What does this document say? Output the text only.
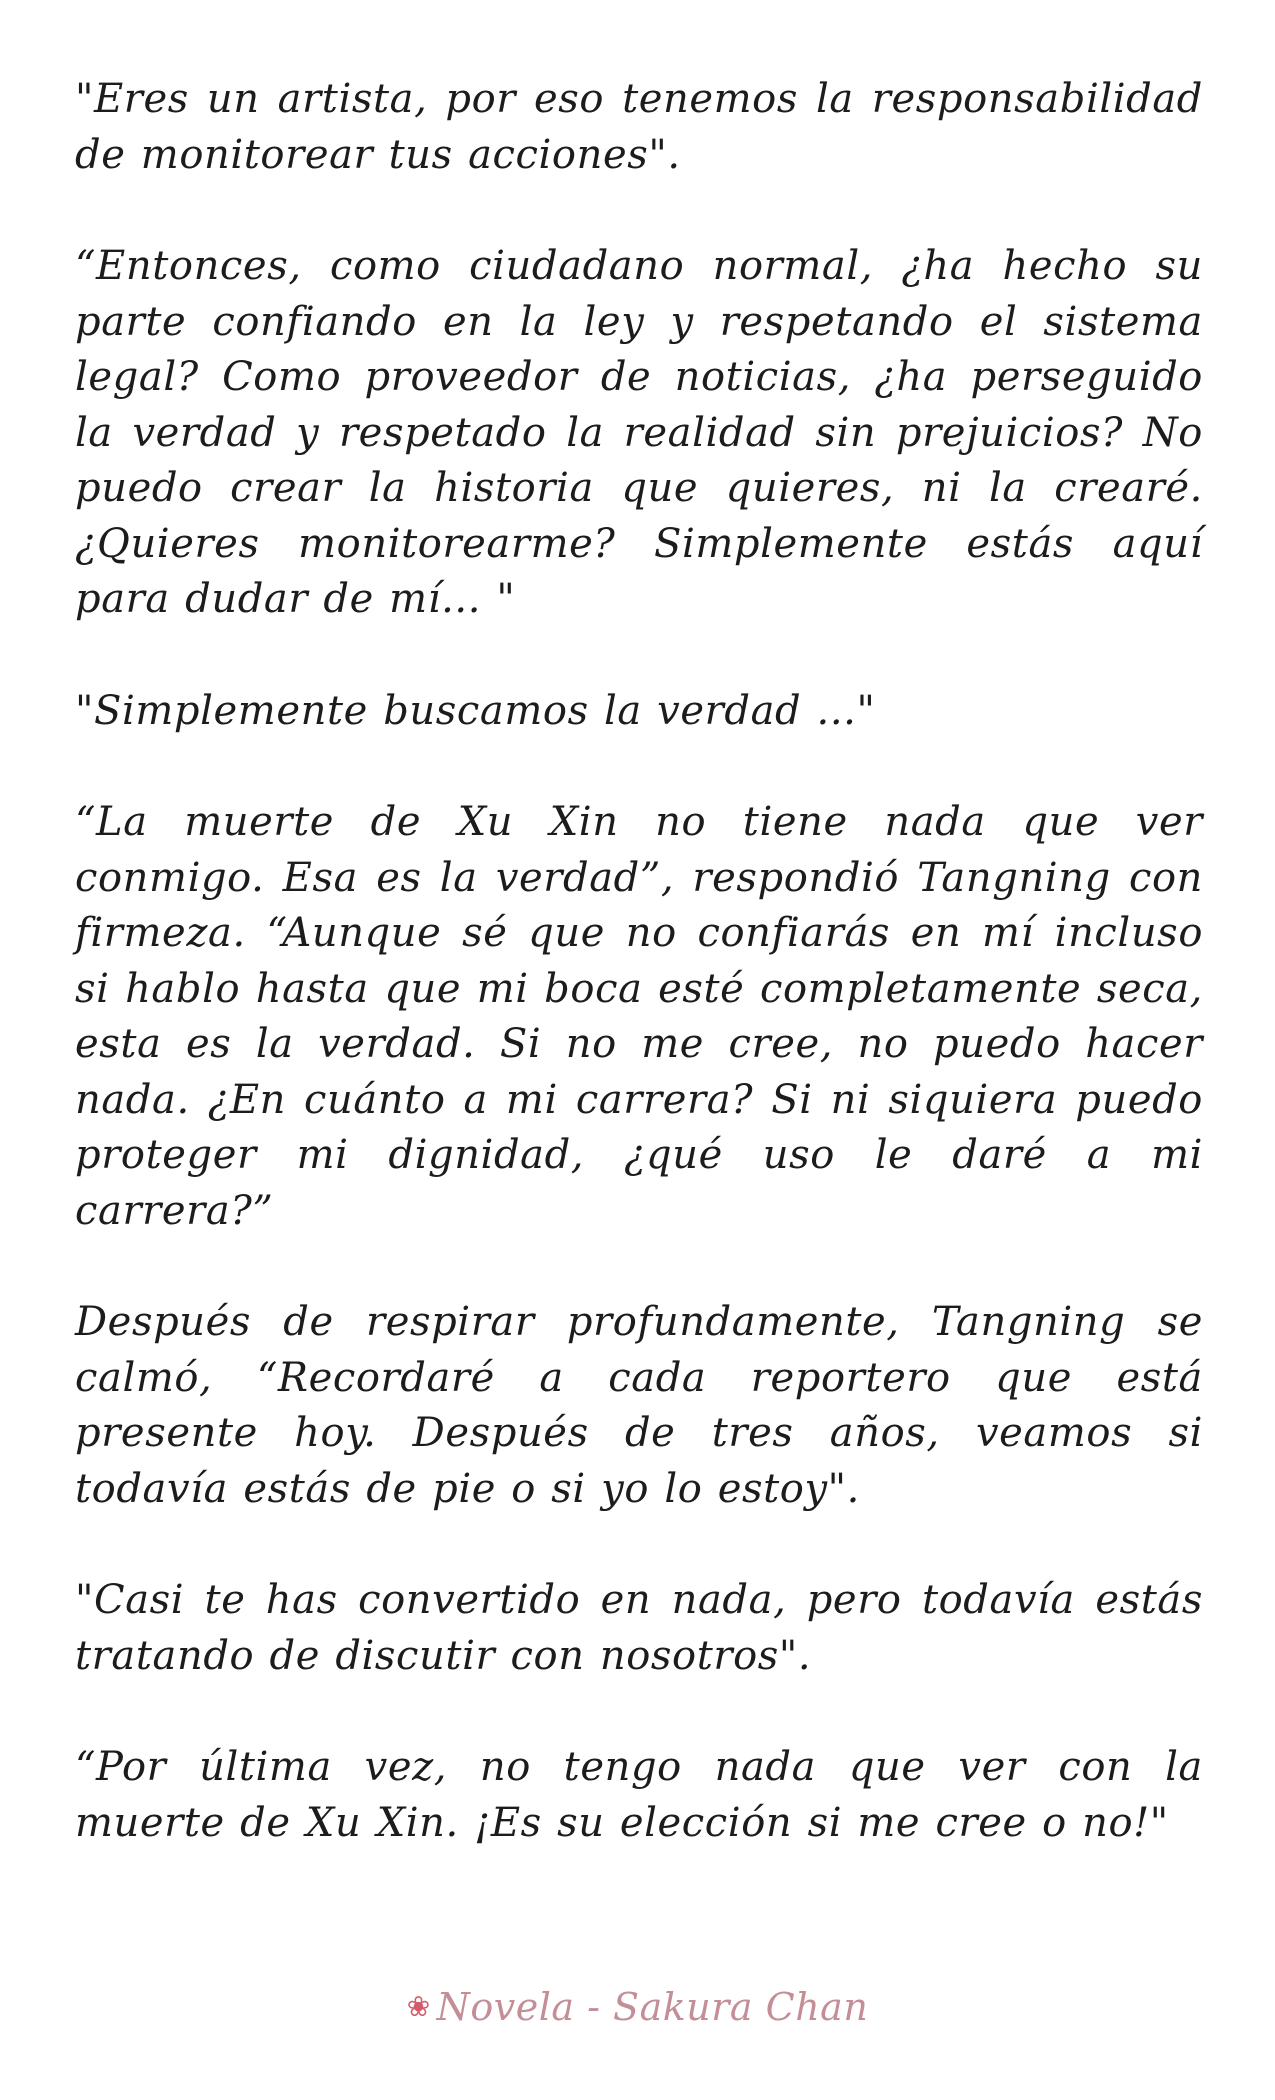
"Eres un artista, por eso tenemos la responsabilidad de monitorear tus acciones".

“Entonces, como ciudadano normal, ¿ha hecho su parte confiando en la ley y respetando el sistema legal? Como proveedor de noticias, ¿ha perseguido la verdad y respetado la realidad sin prejuicios? No puedo crear la historia que quieres, ni la crearé. ¿Quieres monitorearme? Simplemente estás aquí para dudar de mí... "

"Simplemente buscamos la verdad ..."

“La muerte de Xu Xin no tiene nada que ver conmigo. Esa es la verdad”, respondió Tangning con firmeza. “Aunque sé que no confiarás en mí incluso si hablo hasta que mi boca esté completamente seca, esta es la verdad. Si no me cree, no puedo hacer nada. ¿En cuánto a mi carrera? Si ni siquiera puedo proteger mi dignidad, ¿qué uso le daré a mi carrera?”

Después de respirar profundamente, Tangning se calmó, “Recordaré a cada reportero que está presente hoy. Después de tres años, veamos si todavía estás de pie o si yo lo estoy".

"Casi te has convertido en nada, pero todavía estás tratando de discutir con nosotros".

“Por última vez, no tengo nada que ver con la muerte de Xu Xin. ¡Es su elección si me cree o no!"

❀ Novela - Sakura Chan
